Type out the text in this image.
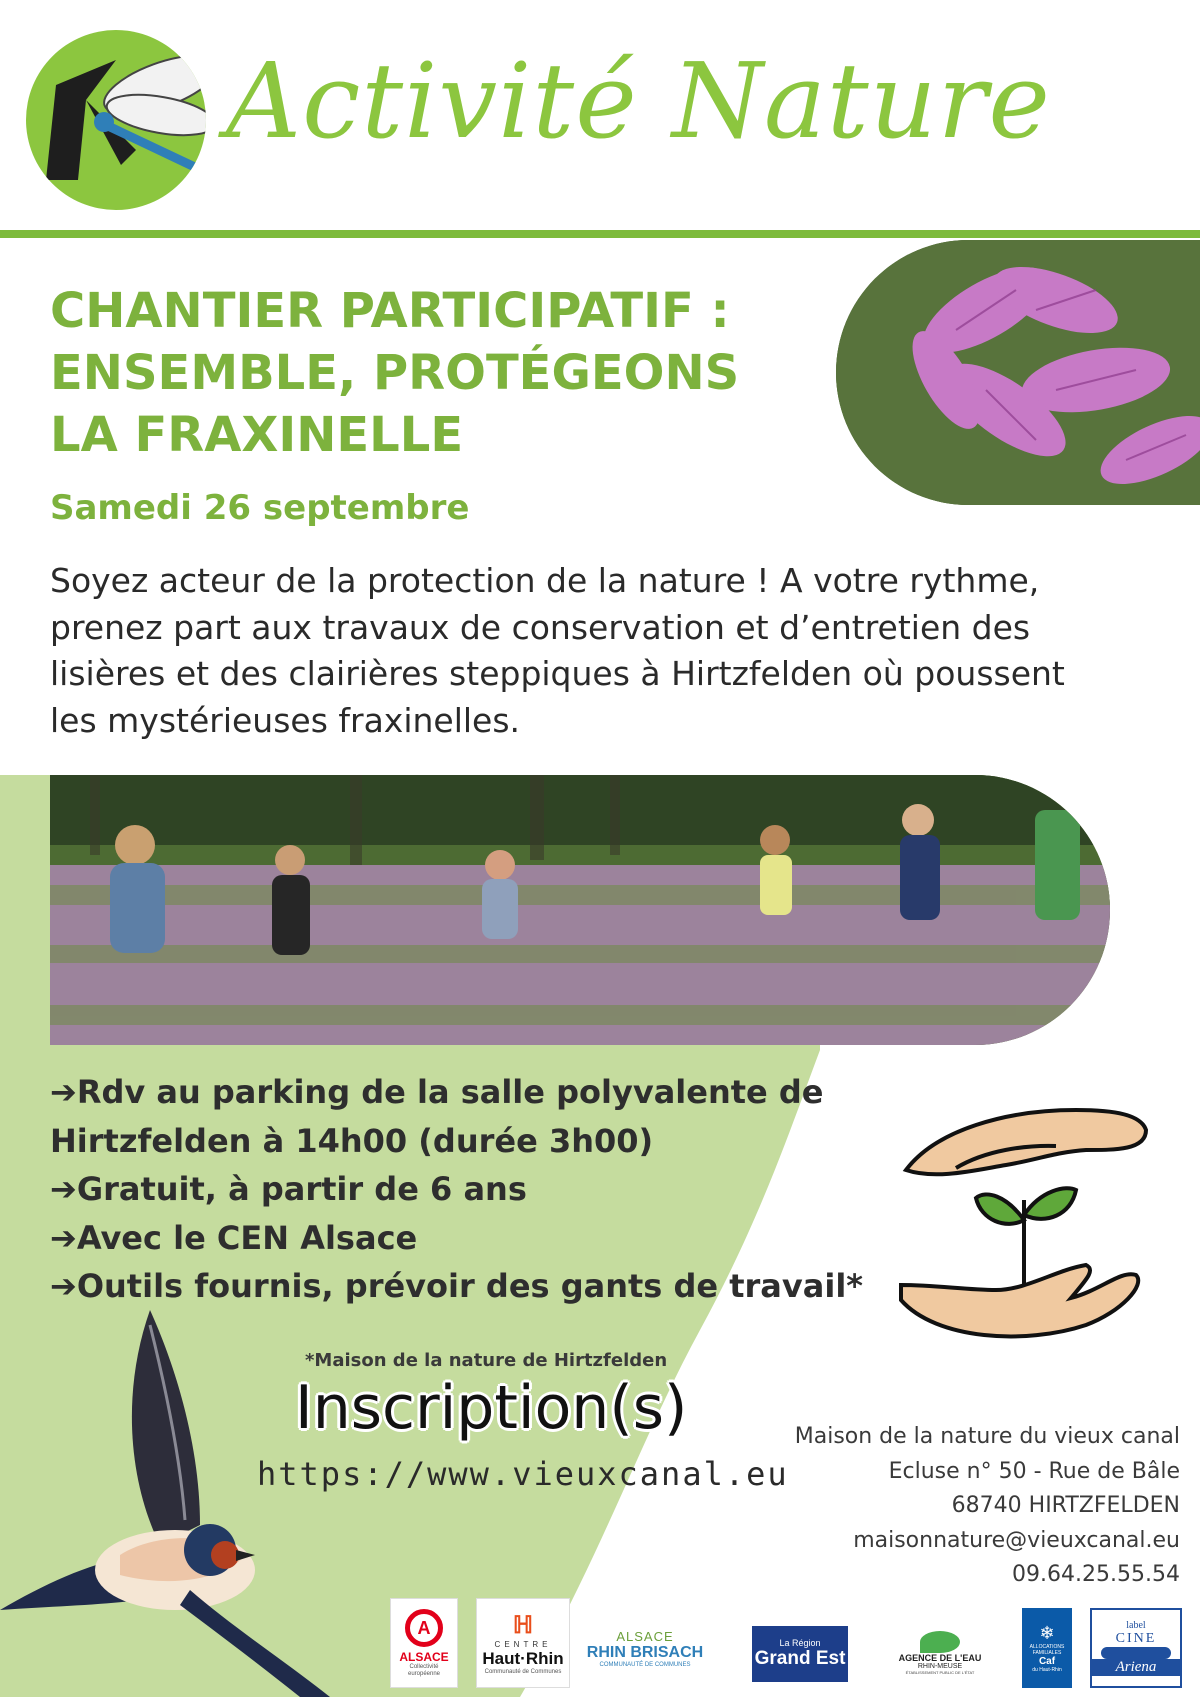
Activité Nature
CHANTIER PARTICIPATIF :
ENSEMBLE, PROTÉGEONS
LA FRAXINELLE
Samedi 26 septembre
Soyez acteur de la protection de la nature ! A votre rythme,
prenez part aux travaux de conservation et d’entretien des
lisières et des clairières steppiques à Hirtzfelden où poussent
les mystérieuses fraxinelles.
➔Rdv au parking de la salle polyvalente de
Hirtzfelden à 14h00 (durée 3h00)
➔Gratuit, à partir de 6 ans
➔Avec le CEN Alsace
➔Outils fournis, prévoir des gants de travail*
*Maison de la nature de Hirtzfelden
Inscription(s)
https://www.vieuxcanal.eu
Maison de la nature du vieux canal
Ecluse n° 50 - Rue de Bâle
68740 HIRTZFELDEN
maisonnature@vieuxcanal.eu
09.64.25.55.54
A
ALSACE
Collectivité européenne
ℍ
CENTRE
Haut·Rhin
Communauté de Communes
ALSACE
RHIN BRISACH
COMMUNAUTÉ DE COMMUNES
La Région
Grand Est	AGENCE DE L'EAU
RHIN-MEUSE
ÉTABLISSEMENT PUBLIC DE L'ÉTAT
❄
ALLOCATIONS FAMILIALES
Caf
du Haut-Rhin
label
CINE
Ariena
